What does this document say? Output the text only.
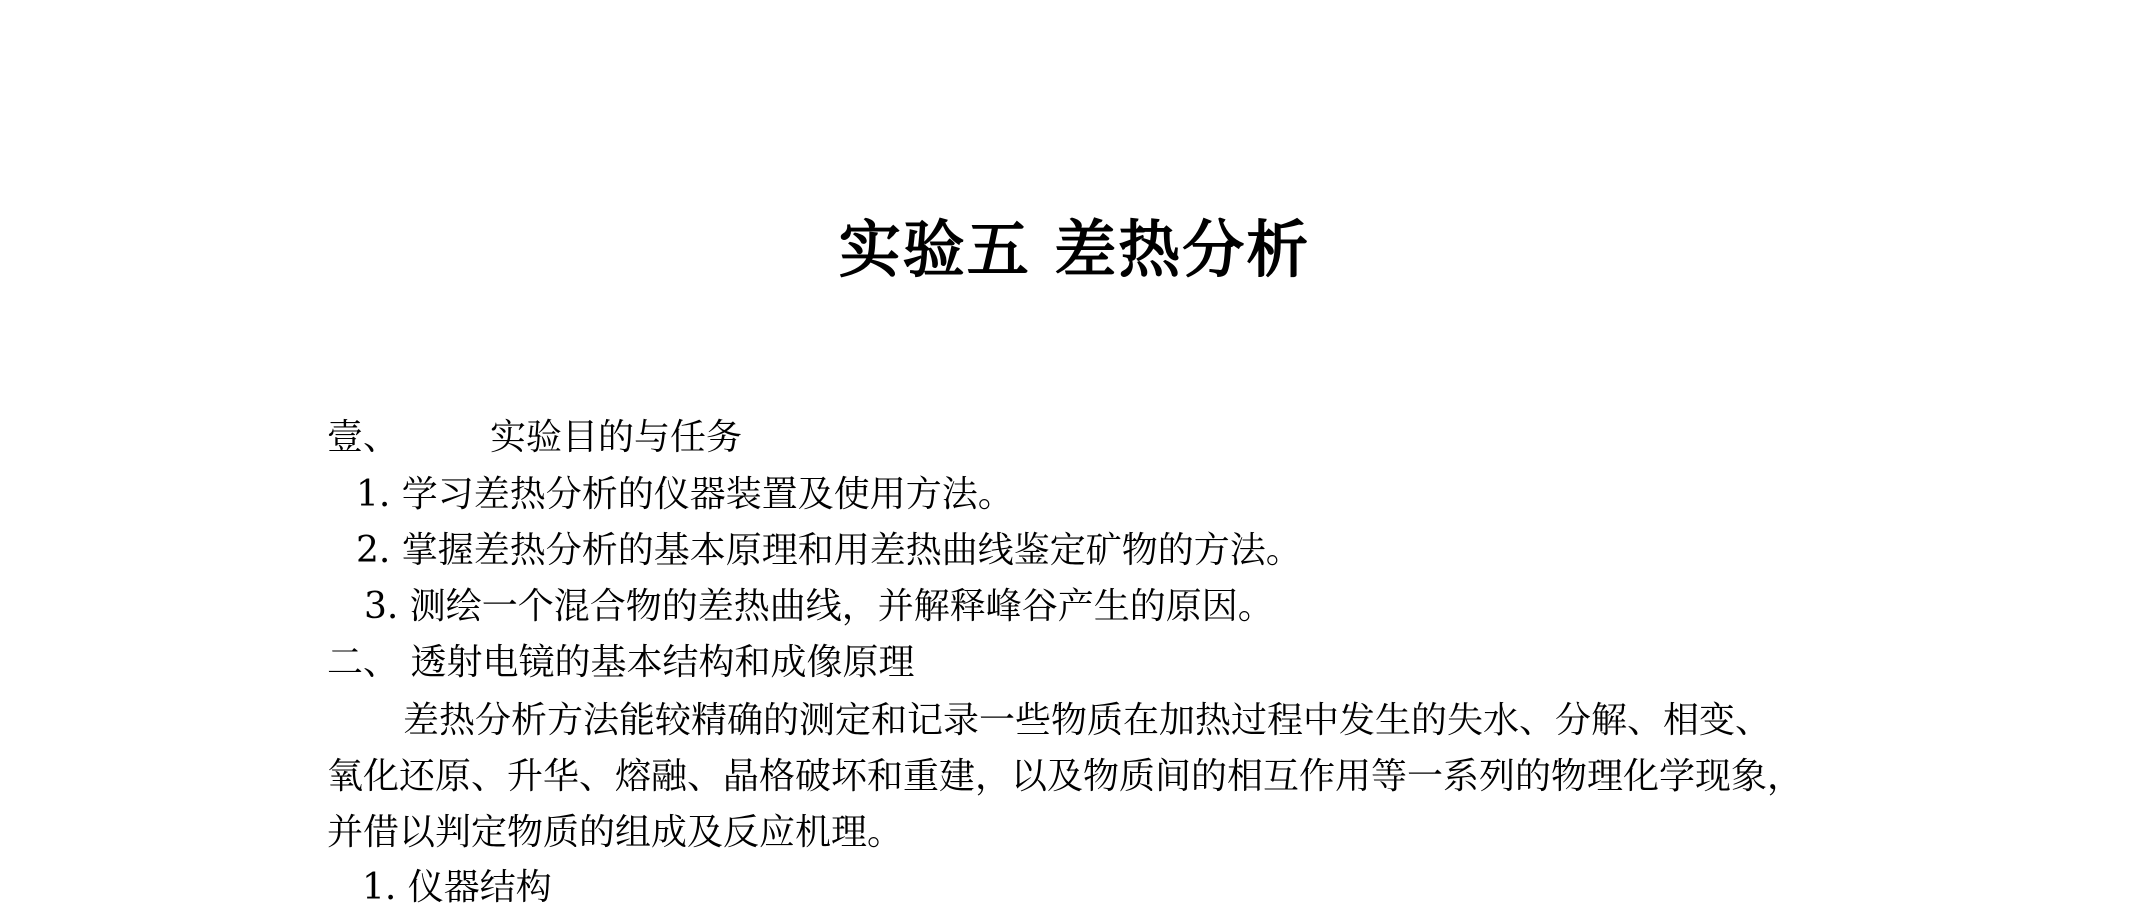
实验五 差热分析
壹、	实验目的与任务
1. 学习差热分析的仪器装置及使用方法。
2. 掌握差热分析的基本原理和用差热曲线鉴定矿物的方法。
3. 测绘一个混合物的差热曲线，并解释峰谷产生的原因。
二、 透射电镜的基本结构和成像原理
差热分析方法能较精确的测定和记录一些物质在加热过程中发生的失水、分解、相变、
氧化还原、升华、熔融、晶格破坏和重建，以及物质间的相互作用等一系列的物理化学现象，
并借以判定物质的组成及反应机理。
1. 仪器结构
